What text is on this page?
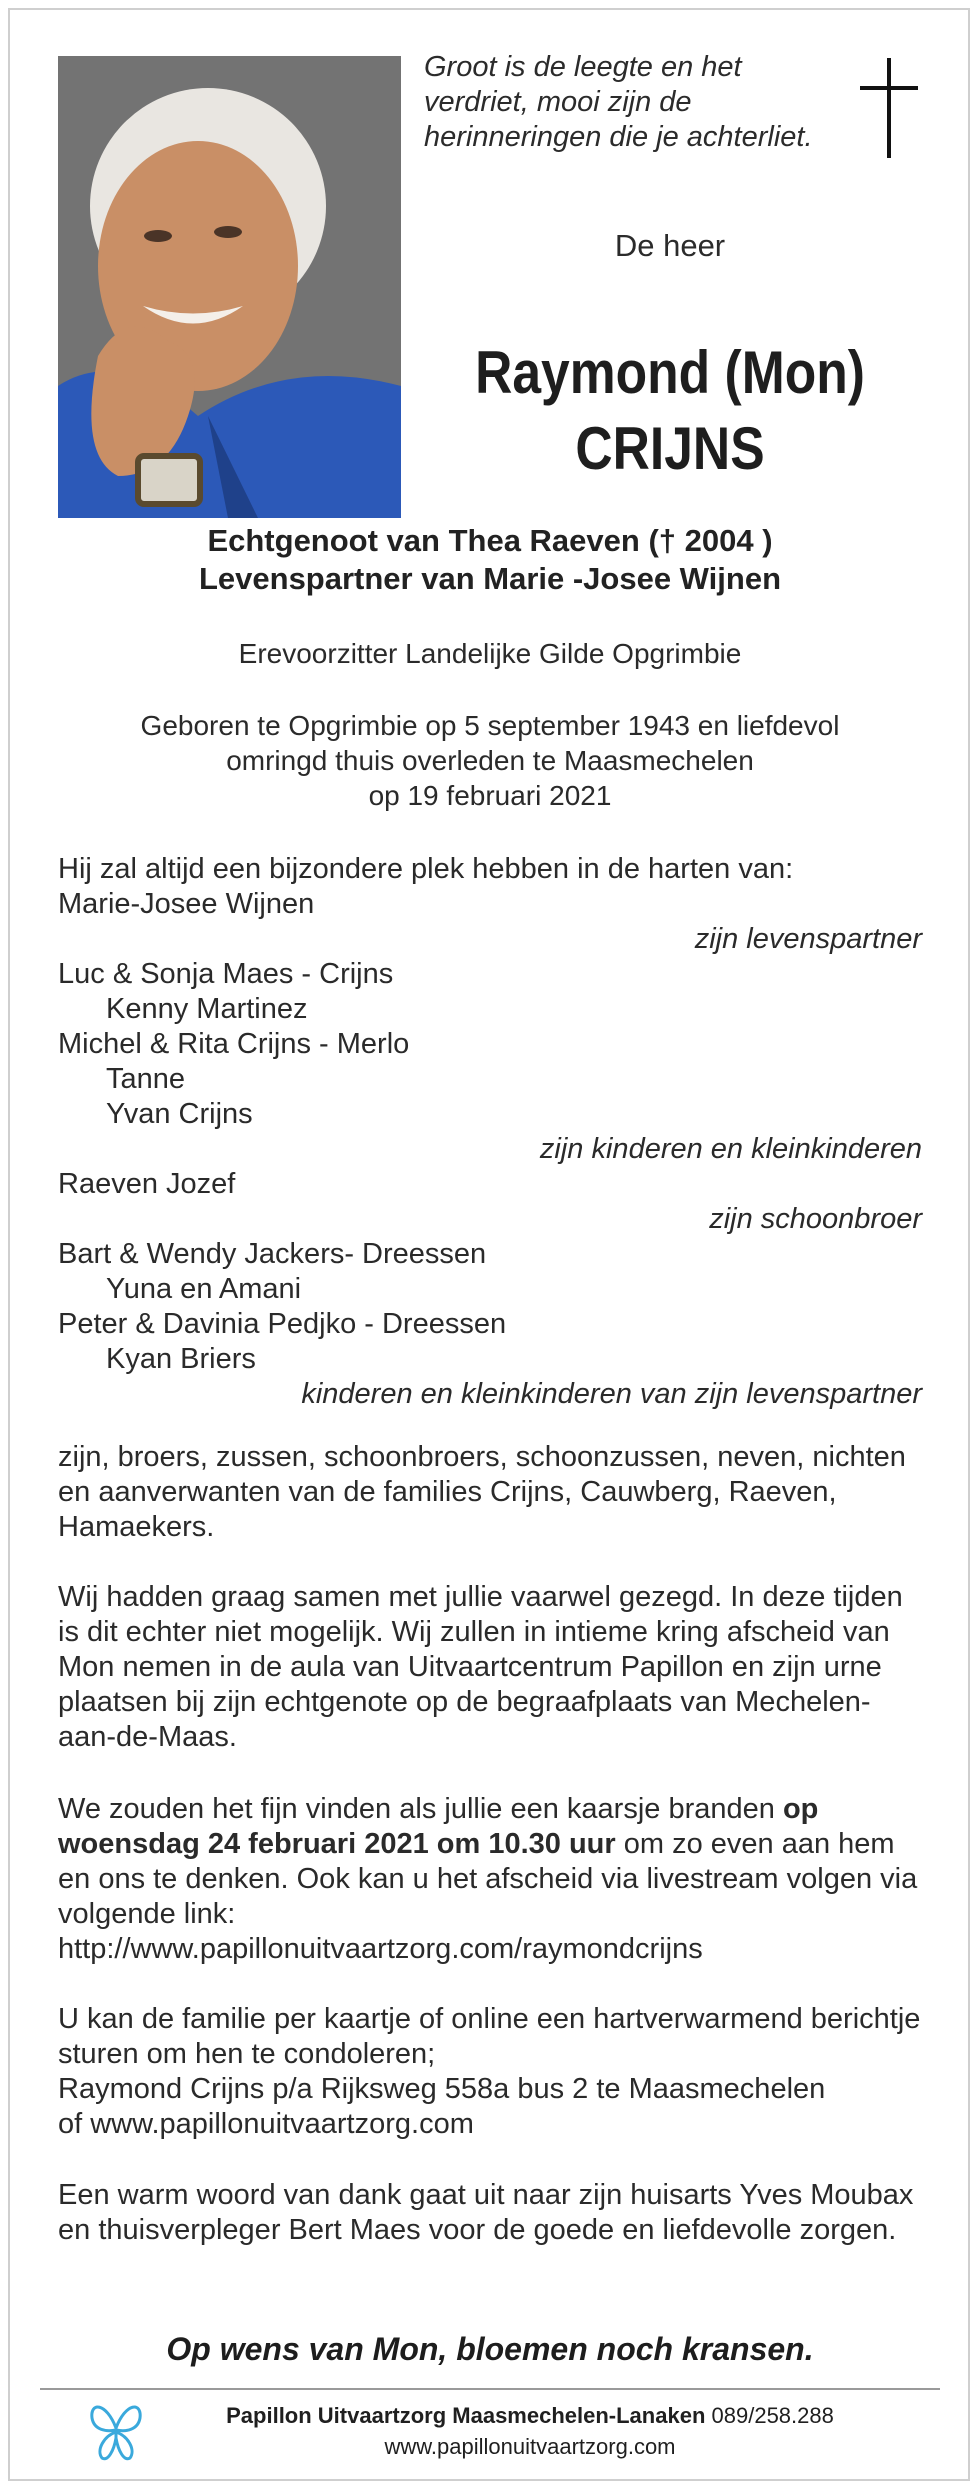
Groot is de leegte en het
verdriet, mooi zijn de
herinneringen die je achterliet.
De heer
Raymond (Mon)
CRIJNS
Echtgenoot van Thea Raeven († 2004 )
Levenspartner van Marie -Josee Wijnen
Erevoorzitter Landelijke Gilde Opgrimbie
Geboren te Opgrimbie op 5 september 1943 en liefdevol
omringd thuis overleden te Maasmechelen
op 19 februari 2021
Hij zal altijd een bijzondere plek hebben in de harten van:
Marie-Josee Wijnen
zijn levenspartner
Luc & Sonja Maes - Crijns
Kenny Martinez
Michel & Rita Crijns - Merlo
Tanne
Yvan Crijns
zijn kinderen en kleinkinderen
Raeven Jozef
zijn schoonbroer
Bart & Wendy Jackers- Dreessen
Yuna en Amani
Peter & Davinia Pedjko - Dreessen
Kyan Briers
kinderen en kleinkinderen van zijn levenspartner

zijn, broers, zussen, schoonbroers, schoonzussen, neven, nichten en aanverwanten van de families Crijns, Cauwberg, Raeven, Hamaekers.

Wij hadden graag samen met jullie vaarwel gezegd. In deze tijden is dit echter niet mogelijk. Wij zullen in intieme kring afscheid van Mon nemen in de aula van Uitvaartcentrum Papillon en zijn urne plaatsen bij zijn echtgenote op de begraafplaats van Mechelen-aan-de-Maas.

We zouden het fijn vinden als jullie een kaarsje branden op woensdag 24 februari 2021 om 10.30 uur om zo even aan hem en ons te denken. Ook kan u het afscheid via livestream volgen via volgende link:

http://www.papillonuitvaartzorg.com/raymondcrijns

U kan de familie per kaartje of online een hartverwarmend berichtje sturen om hen te condoleren;

Raymond Crijns p/a Rijksweg 558a bus 2 te Maasmechelen

of www.papillonuitvaartzorg.com

Een warm woord van dank gaat uit naar zijn huisarts Yves Moubax en thuisverpleger Bert Maes voor de goede en liefdevolle zorgen.

Op wens van Mon, bloemen noch kransen.
Papillon Uitvaartzorg Maasmechelen-Lanaken 089/258.288
www.papillonuitvaartzorg.com
